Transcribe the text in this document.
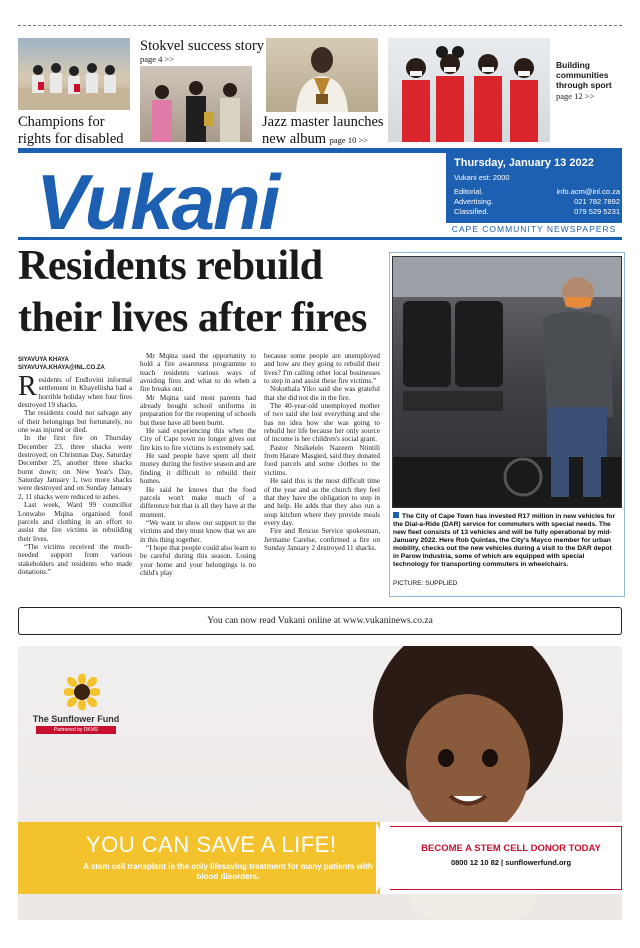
Champions for rights for disabled
Stokvel success story
page 4 >>
Jazz master launches new album page 10 >>
Building communities through sport
page 12 >>
Vukani	Thursday, January 13 2022
Vukani est: 2000
Editorial.	info.acm@inl.co.za
Advertising.	021 782 7892
Classified.	079 529 5231
CAPE COMMUNITY NEWSPAPERS
Residents rebuild their lives after fires
SIYAVUYA KHAYA
SIYAVUYA.KHAYA@INL.CO.ZA

Residents of Endlovini informal settlement in Khayelitsha had a horrible holiday when four fires destroyed 19 shacks.

The residents could not salvage any of their belongings but fortunately, no one was injured or died.

In the first fire on Thursday December 23, three shacks were destroyed; on Christmas Day, Saturday December 25, another three shacks burnt down; on New Year's Day, Saturday January 1, two more shacks were destroyed and on Sunday January 2, 11 shacks were reduced to ashes.

Last week, Ward 99 councillor Lonwabo Mqina organised food parcels and clothing in an effort to assist the fire victims in rebuilding their lives.

“The victims received the much-needed support from various stakeholders and residents who made donations.”

Mr Mqina used the opportunity to hold a fire awareness programme to teach residents various ways of avoiding fires and what to do when a fire breaks out.

Mr Mqina said most parents had already bought school uniforms in preparation for the reopening of schools but these have all been burnt.

He said experiencing this when the City of Cape town no longer gives out fire kits to fire victims is extremely sad.

He said people have spent all their money during the festive season and are finding it difficult to rebuild their homes.

He said he knows that the food parcels won't make much of a difference but that is all they have at the moment.

“We want to show our support to the victims and they must know that we are in this thing together.

“I hope that people could also learn to be careful during this season. Losing your home and your belongings is no child's play

because some people are unemployed and how are they going to rebuild their lives? I'm calling other local businesses to step in and assist these fire victims.”

Nokuthala Yiko said she was grateful that she did not die in the fire.

The 40-year-old unemployed mother of two said she lost everything and she has no idea how she was going to rebuild her life because her only source of income is her children's social grant.

Pastor Ntsikelelo Nazeem Ntintili from Harare Masgied, said they donated food parcels and some clothes to the victims.

He said this is the most difficult time of the year and as the church they feel that they have the obligation to step in and help. He adds that they also run a soup kitchen where they provide meals every day.

Fire and Rescue Service spokesman, Jermaine Carelse, confirmed a fire on Sunday January 2 destroyed 11 shacks.

The City of Cape Town has invested R17 million in new vehicles for the Dial-a-Ride (DAR) service for commuters with special needs. The new fleet consists of 13 vehicles and will be fully operational by mid-January 2022. Here Rob Quintas, the City's Mayco member for urban mobility, checks out the new vehicles during a visit to the DAR depot in Parow Industria, some of which are equipped with special technology for transporting commuters in wheelchairs.
PICTURE: SUPPLIED
You can now read Vukani online at www.vukaninews.co.za
The Sunflower Fund
Partnered by DKMS
YOU CAN SAVE A LIFE!
A stem cell transplant is the only lifesaving treatment for many patients with blood disorders.
BECOME A STEM CELL DONOR TODAY
0800 12 10 82 | sunflowerfund.org
